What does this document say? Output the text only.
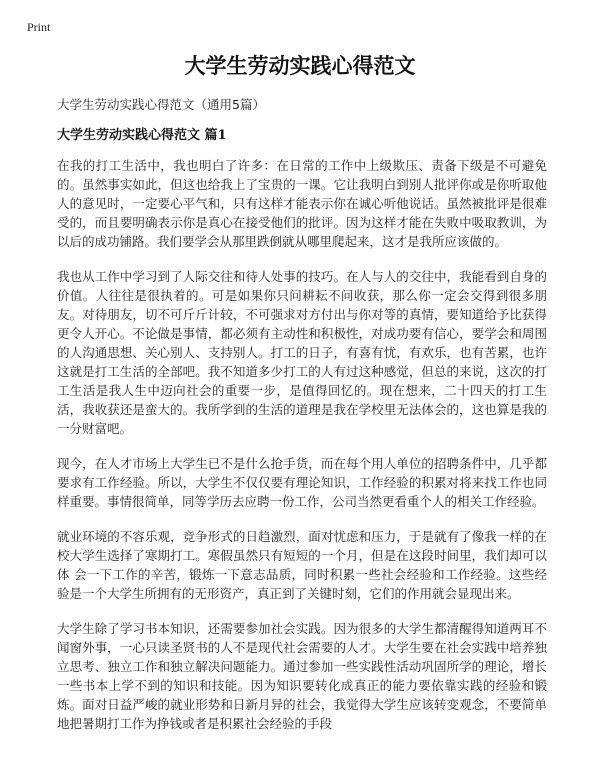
Print
大学生劳动实践心得范文

大学生劳动实践心得范文（通用5篇）

大学生劳动实践心得范文 篇1

在我的打工生活中，我也明白了许多：在日常的工作中上级欺压、责备下级是不可避免的。虽然事实如此，但这也给我上了宝贵的一课。它让我明白到别人批评你或是你听取他人的意见时，一定要心平气和，只有这样才能表示你在诚心听他说话。虽然被批评是很难受的，而且要明确表示你是真心在接受他们的批评。因为这样才能在失败中吸取教训，为以后的成功铺路。我们要学会从那里跌倒就从哪里爬起来，这才是我所应该做的。

我也从工作中学习到了人际交往和待人处事的技巧。在人与人的交往中，我能看到自身的价值。人往往是很执着的。可是如果你只问耕耘不问收获，那么你一定会交得到很多朋友。对待朋友，切不可斤斤计较，不可强求对方付出与你对等的真情，要知道给予比获得更令人开心。不论做是事情，都必须有主动性和积极性，对成功要有信心，要学会和周围的人沟通思想、关心别人、支持别人。打工的日子，有喜有忧，有欢乐，也有苦累，也许这就是打工生活的全部吧。我不知道多少打工的人有过这种感觉，但总的来说，这次的打工生活是我人生中迈向社会的重要一步，是值得回忆的。现在想来，二十四天的打工生活，我收获还是蛮大的。我所学到的生活的道理是我在学校里无法体会的，这也算是我的一分财富吧。

现今，在人才市场上大学生已不是什么抢手货，而在每个用人单位的招聘条件中，几乎都要求有工作经验。所以，大学生不仅仅要有理论知识，工作经验的积累对将来找工作也同样重要。事情很简单，同等学历去应聘一份工作，公司当然更看重个人的相关工作经验。

就业环境的不容乐观，竞争形式的日趋激烈，面对忧虑和压力，于是就有了像我一样的在校大学生选择了寒期打工。寒假虽然只有短短的一个月，但是在这段时间里，我们却可以体 会一下工作的辛苦，锻炼一下意志品质，同时积累一些社会经验和工作经验。这些经验是一个大学生所拥有的无形资产，真正到了关键时刻，它们的作用就会显现出来。

大学生除了学习书本知识，还需要参加社会实践。因为很多的大学生都清醒得知道两耳不闻窗外事，一心只读圣贤书的人不是现代社会需要的人才。大学生要在社会实践中培养独立思考、独立工作和独立解决问题能力。通过参加一些实践性活动巩固所学的理论，增长一些书本上学不到的知识和技能。因为知识要转化成真正的能力要依靠实践的经验和锻炼。面对日益严峻的就业形势和日新月异的社会，我觉得大学生应该转变观念，不要简单地把暑期打工作为挣钱或者是积累社会经验的手段
